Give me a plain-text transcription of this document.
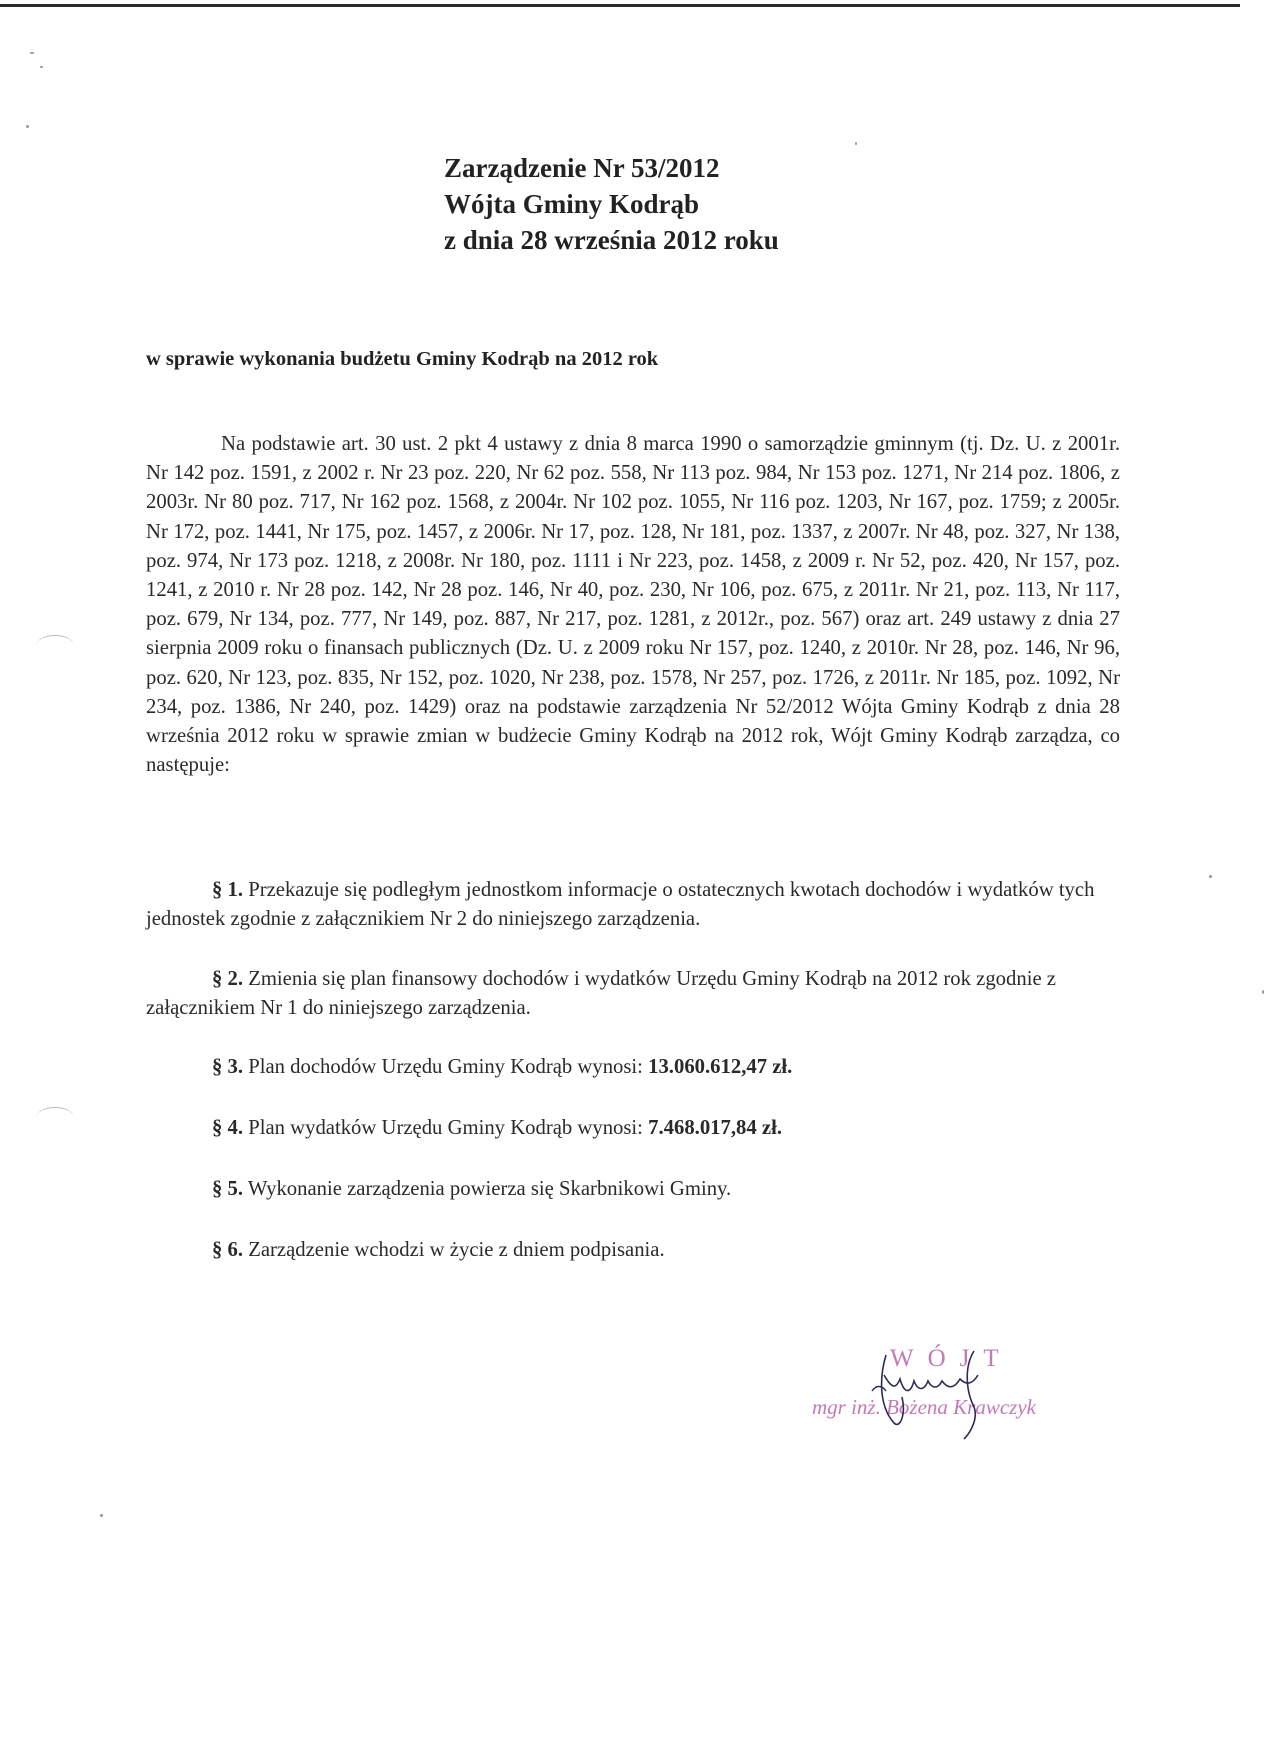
Zarządzenie Nr 53/2012
Wójta Gminy Kodrąb
z dnia 28 września 2012 roku
w sprawie wykonania budżetu Gminy Kodrąb na 2012 rok

Na podstawie art. 30 ust. 2 pkt 4 ustawy z dnia 8 marca 1990 o samorządzie gminnym (tj. Dz. U. z 2001r. Nr 142 poz. 1591, z 2002 r. Nr 23 poz. 220, Nr 62 poz. 558, Nr 113 poz. 984, Nr 153 poz. 1271, Nr 214 poz. 1806, z 2003r. Nr 80 poz. 717, Nr 162 poz. 1568, z 2004r. Nr 102 poz. 1055, Nr 116 poz. 1203, Nr 167, poz. 1759; z 2005r. Nr 172, poz. 1441, Nr 175, poz. 1457, z 2006r. Nr 17, poz. 128, Nr 181, poz. 1337, z 2007r. Nr 48, poz. 327, Nr 138, poz. 974, Nr 173 poz. 1218, z 2008r. Nr 180, poz. 1111 i Nr 223, poz. 1458, z 2009 r. Nr 52, poz. 420, Nr 157, poz. 1241, z 2010 r. Nr 28 poz. 142, Nr 28 poz. 146, Nr 40, poz. 230, Nr 106, poz. 675, z 2011r. Nr 21, poz. 113, Nr 117, poz. 679, Nr 134, poz. 777, Nr 149, poz. 887, Nr 217, poz. 1281, z 2012r., poz. 567) oraz art. 249 ustawy z dnia 27 sierpnia 2009 roku o finansach publicznych (Dz. U. z 2009 roku Nr 157, poz. 1240, z 2010r. Nr 28, poz. 146, Nr 96, poz. 620, Nr 123, poz. 835, Nr 152, poz. 1020, Nr 238, poz. 1578, Nr 257, poz. 1726, z 2011r. Nr 185, poz. 1092, Nr 234, poz. 1386, Nr 240, poz. 1429) oraz na podstawie zarządzenia Nr 52/2012 Wójta Gminy Kodrąb z dnia 28 września 2012 roku w sprawie zmian w budżecie Gminy Kodrąb na 2012 rok, Wójt Gminy Kodrąb zarządza, co następuje:

§ 1. Przekazuje się podległym jednostkom informacje o ostatecznych kwotach dochodów i wydatków tych jednostek zgodnie z załącznikiem Nr 2 do niniejszego zarządzenia.

§ 2. Zmienia się plan finansowy dochodów i wydatków Urzędu Gminy Kodrąb na 2012 rok zgodnie z załącznikiem Nr 1 do niniejszego zarządzenia.

§ 3. Plan dochodów Urzędu Gminy Kodrąb wynosi: 13.060.612,47 zł.

§ 4. Plan wydatków Urzędu Gminy Kodrąb wynosi: 7.468.017,84 zł.

§ 5. Wykonanie zarządzenia powierza się Skarbnikowi Gminy.

§ 6. Zarządzenie wchodzi w życie z dniem podpisania.

WÓJT
mgr inż. Bożena Krawczyk
